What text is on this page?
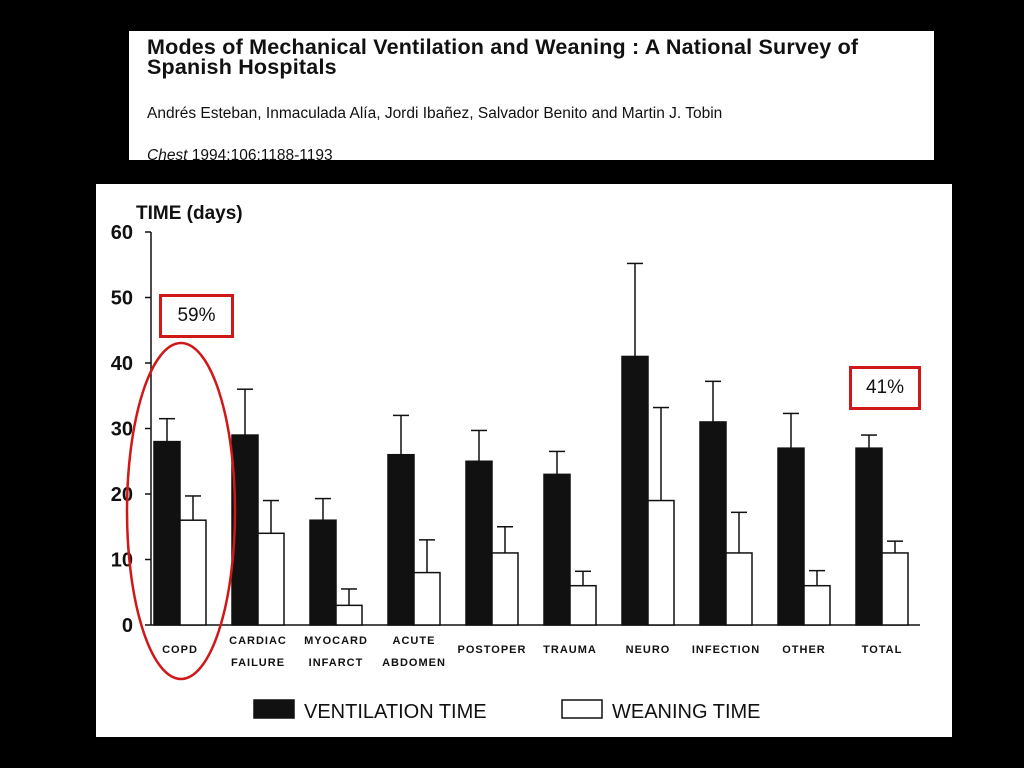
Modes of Mechanical Ventilation and Weaning : A National Survey of Spanish Hospitals
Andrés Esteban, Inmaculada Alía, Jordi Ibañez, Salvador Benito and Martin J. Tobin
Chest 1994:106:1188-1193
TIME (days)
0
10
20
30
40
50
60
COPD
CARDIAC
FAILURE
MYOCARD
INFARCT
ACUTE
ABDOMEN
POSTOPER TRAUMA	NEURO INFECTION OTHER	TOTAL
VENTILATION TIME	WEANING TIME
59%
41%
